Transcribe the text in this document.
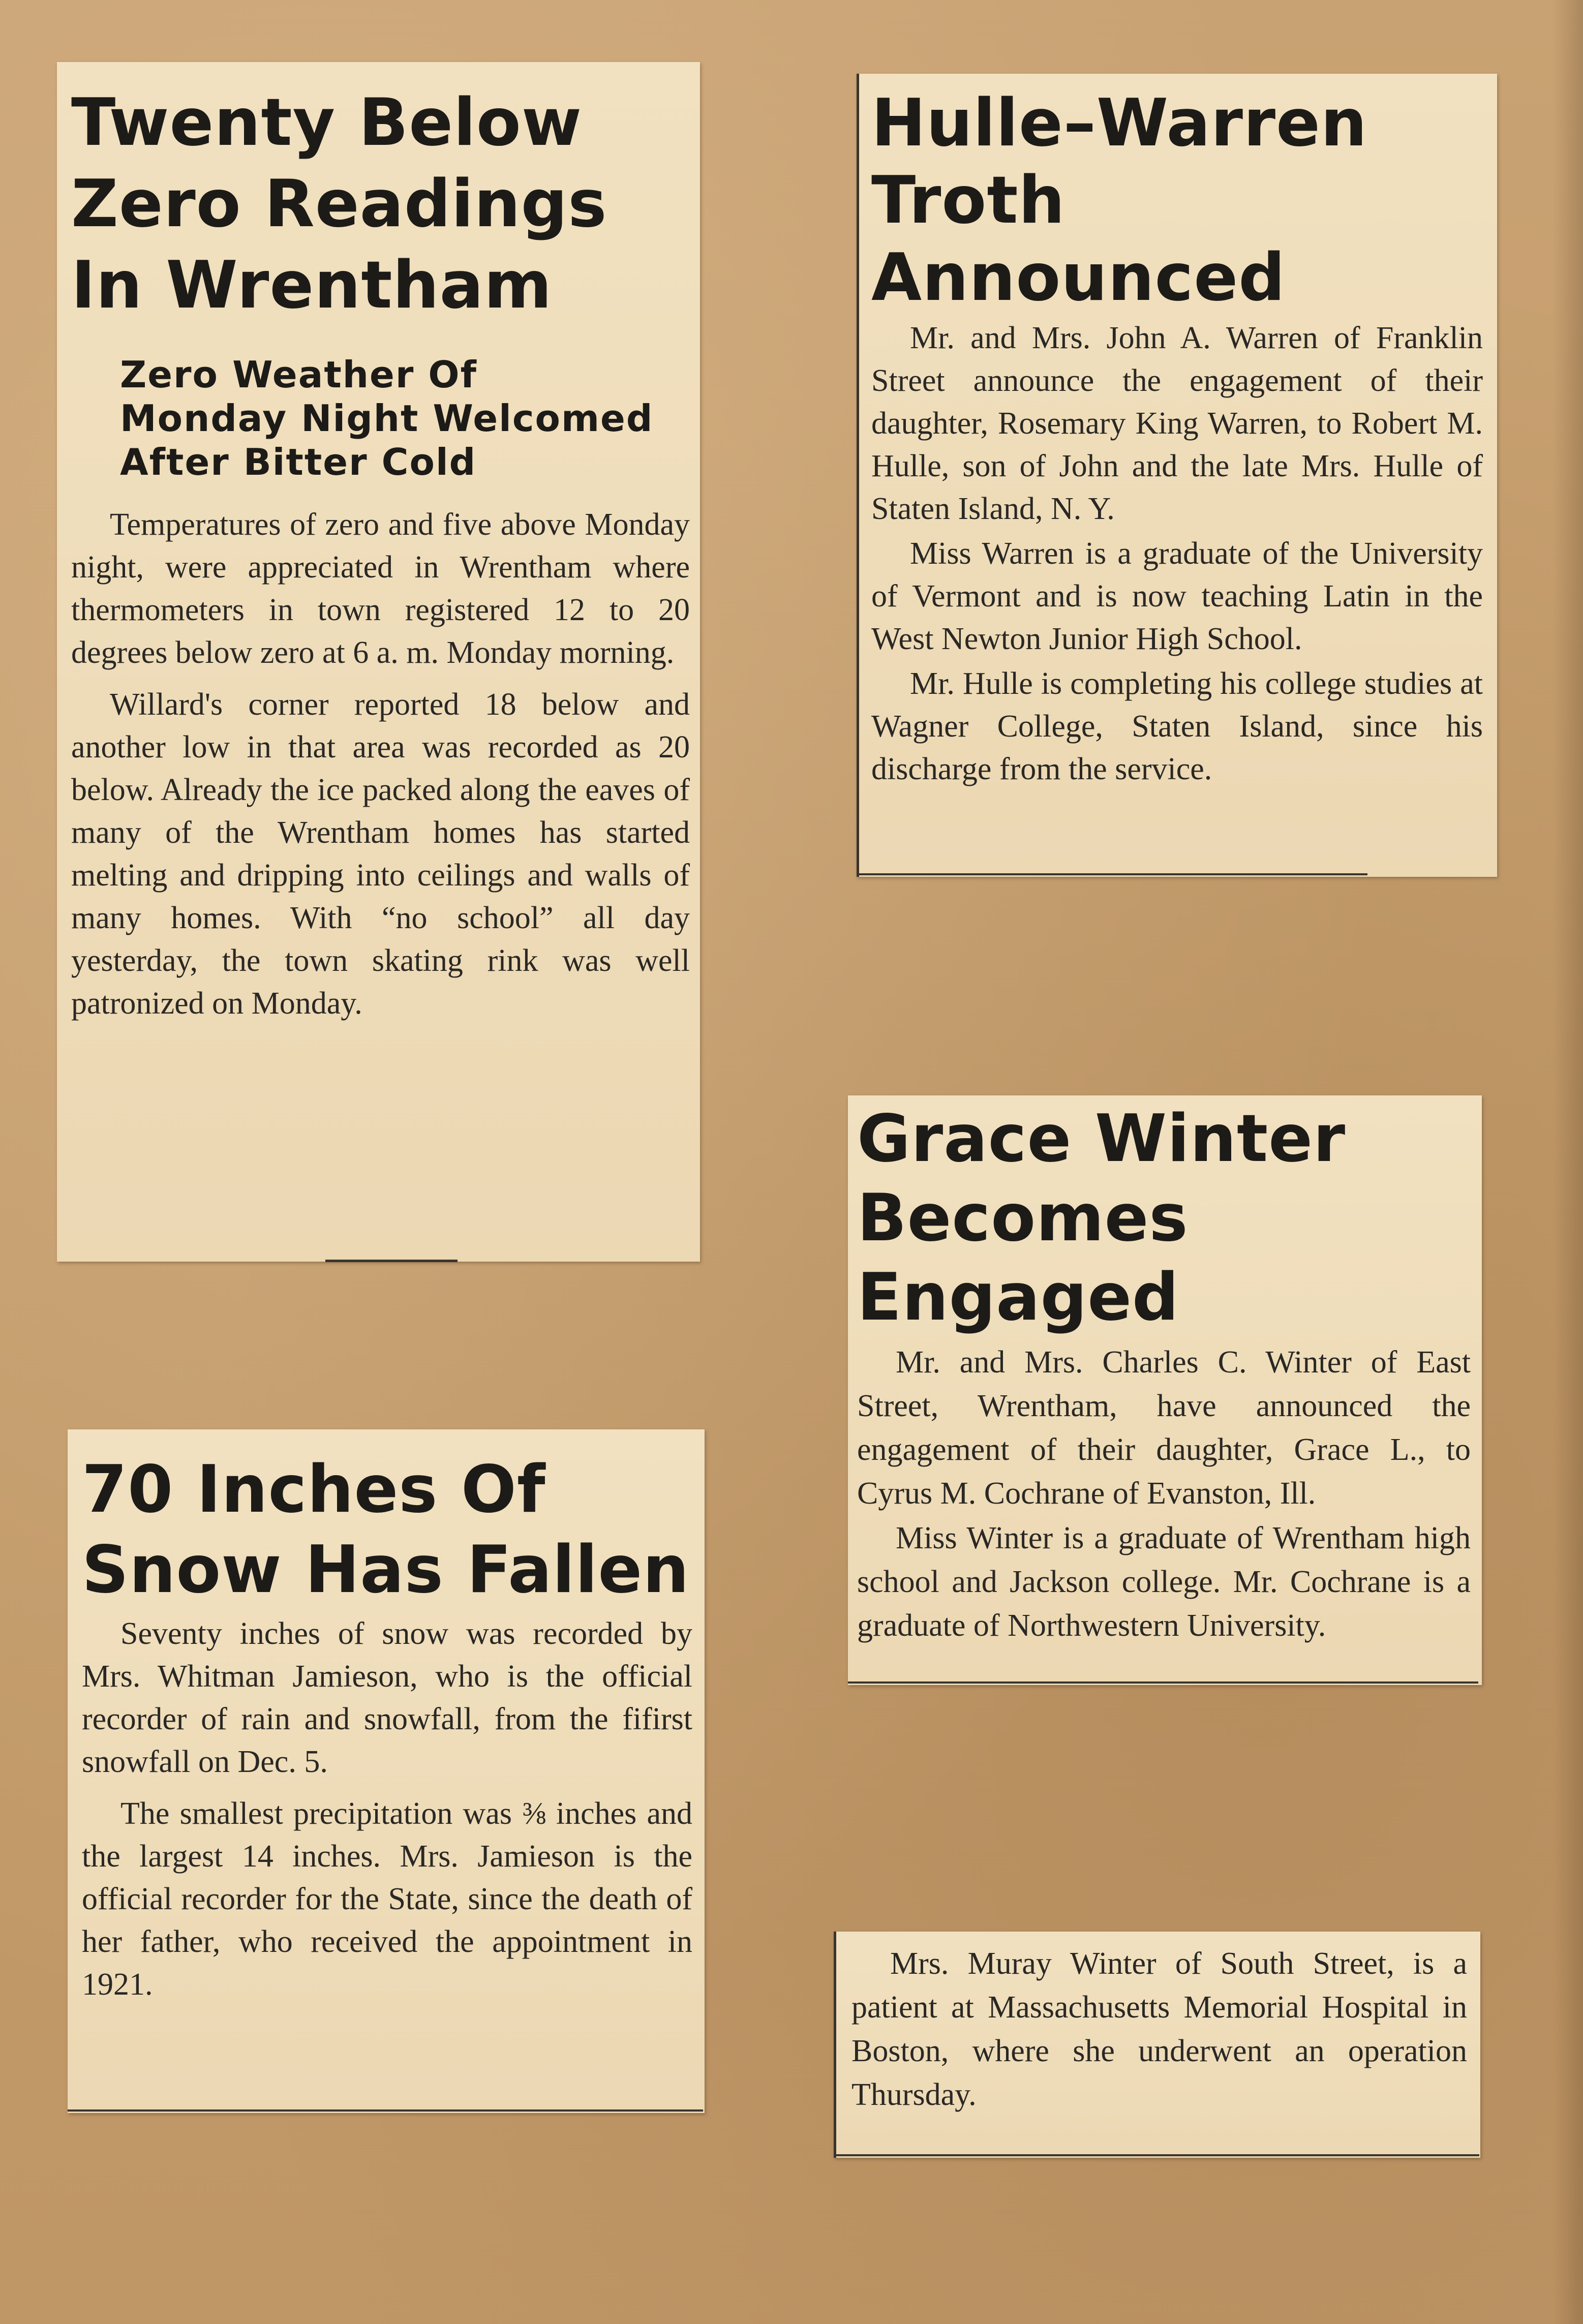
Twenty Below
Zero Readings
In Wrentham
Zero Weather Of
Monday Night Welcomed
After Bitter Cold

Temperatures of zero and five above Monday night, were appreciated in Wrentham where thermometers in town registered 12 to 20 degrees below zero at 6 a. m. Monday morning.

Willard's corner reported 18 below and another low in that area was recorded as 20 below. Already the ice packed along the eaves of many of the Wrentham homes has started melting and dripping into ceilings and walls of many homes. With “no school” all day yesterday, the town skating rink was well patronized on Monday.

Hulle–Warren
Troth Announced

Mr. and Mrs. John A. Warren of Franklin Street announce the engagement of their daughter, Rosemary King Warren, to Robert M. Hulle, son of John and the late Mrs. Hulle of Staten Island, N. Y.

Miss Warren is a graduate of the University of Vermont and is now teaching Latin in the West Newton Junior High School.

Mr. Hulle is completing his college studies at Wagner College, Staten Island, since his discharge from the service.

Grace Winter
Becomes Engaged

Mr. and Mrs. Charles C. Winter of East Street, Wrentham, have announced the engagement of their daughter, Grace L., to Cyrus M. Cochrane of Evanston, Ill.

Miss Winter is a graduate of Wrentham high school and Jackson college. Mr. Cochrane is a graduate of Northwestern University.

70 Inches Of
Snow Has Fallen

Seventy inches of snow was recorded by Mrs. Whitman Jamieson, who is the official recorder of rain and snowfall, from the fifirst snowfall on Dec. 5.

The smallest precipitation was ⅜ inches and the largest 14 inches. Mrs. Jamieson is the official recorder for the State, since the death of her father, who received the appointment in 1921.

Mrs. Muray Winter of South Street, is a patient at Massachusetts Memorial Hospital in Boston, where she underwent an operation Thursday.
